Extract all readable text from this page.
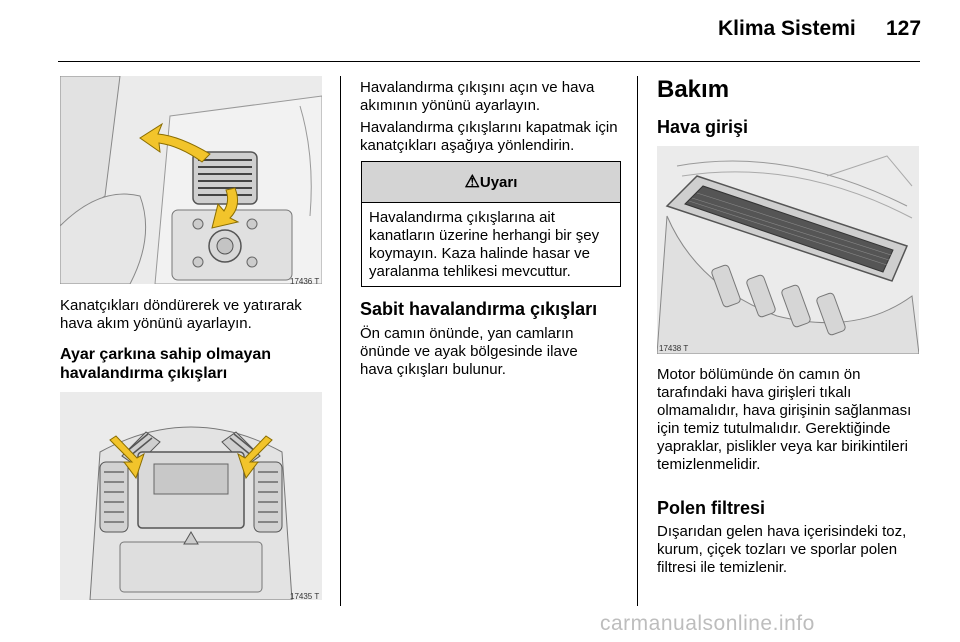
Klima Sistemi 127
17436 T
Kanatçıkları döndürerek ve yatırarak hava akım yönünü ayarlayın.
Ayar çarkına sahip olmayan havalandırma çıkışları
17435 T
Havalandırma çıkışını açın ve hava akımının yönünü ayarlayın.
Havalandırma çıkışlarını kapatmak için kanatçıkları aşağıya yönlendirin.
⚠Uyarı
Havalandırma çıkışlarına ait kanatların üzerine herhangi bir şey koymayın. Kaza halinde hasar ve yaralanma tehlikesi mevcuttur.
Sabit havalandırma çıkışları
Ön camın önünde, yan camların önünde ve ayak bölgesinde ilave hava çıkışları bulunur.
Bakım
Hava girişi
17438 T
Motor bölümünde ön camın ön tarafındaki hava girişleri tıkalı olmamalıdır, hava girişinin sağlanması için temiz tutulmalıdır. Gerektiğinde yapraklar, pislikler veya kar birikintileri temizlenmelidir.
Polen filtresi
Dışarıdan gelen hava içerisindeki toz, kurum, çiçek tozları ve sporlar polen filtresi ile temizlenir.
carmanualsonline.info
